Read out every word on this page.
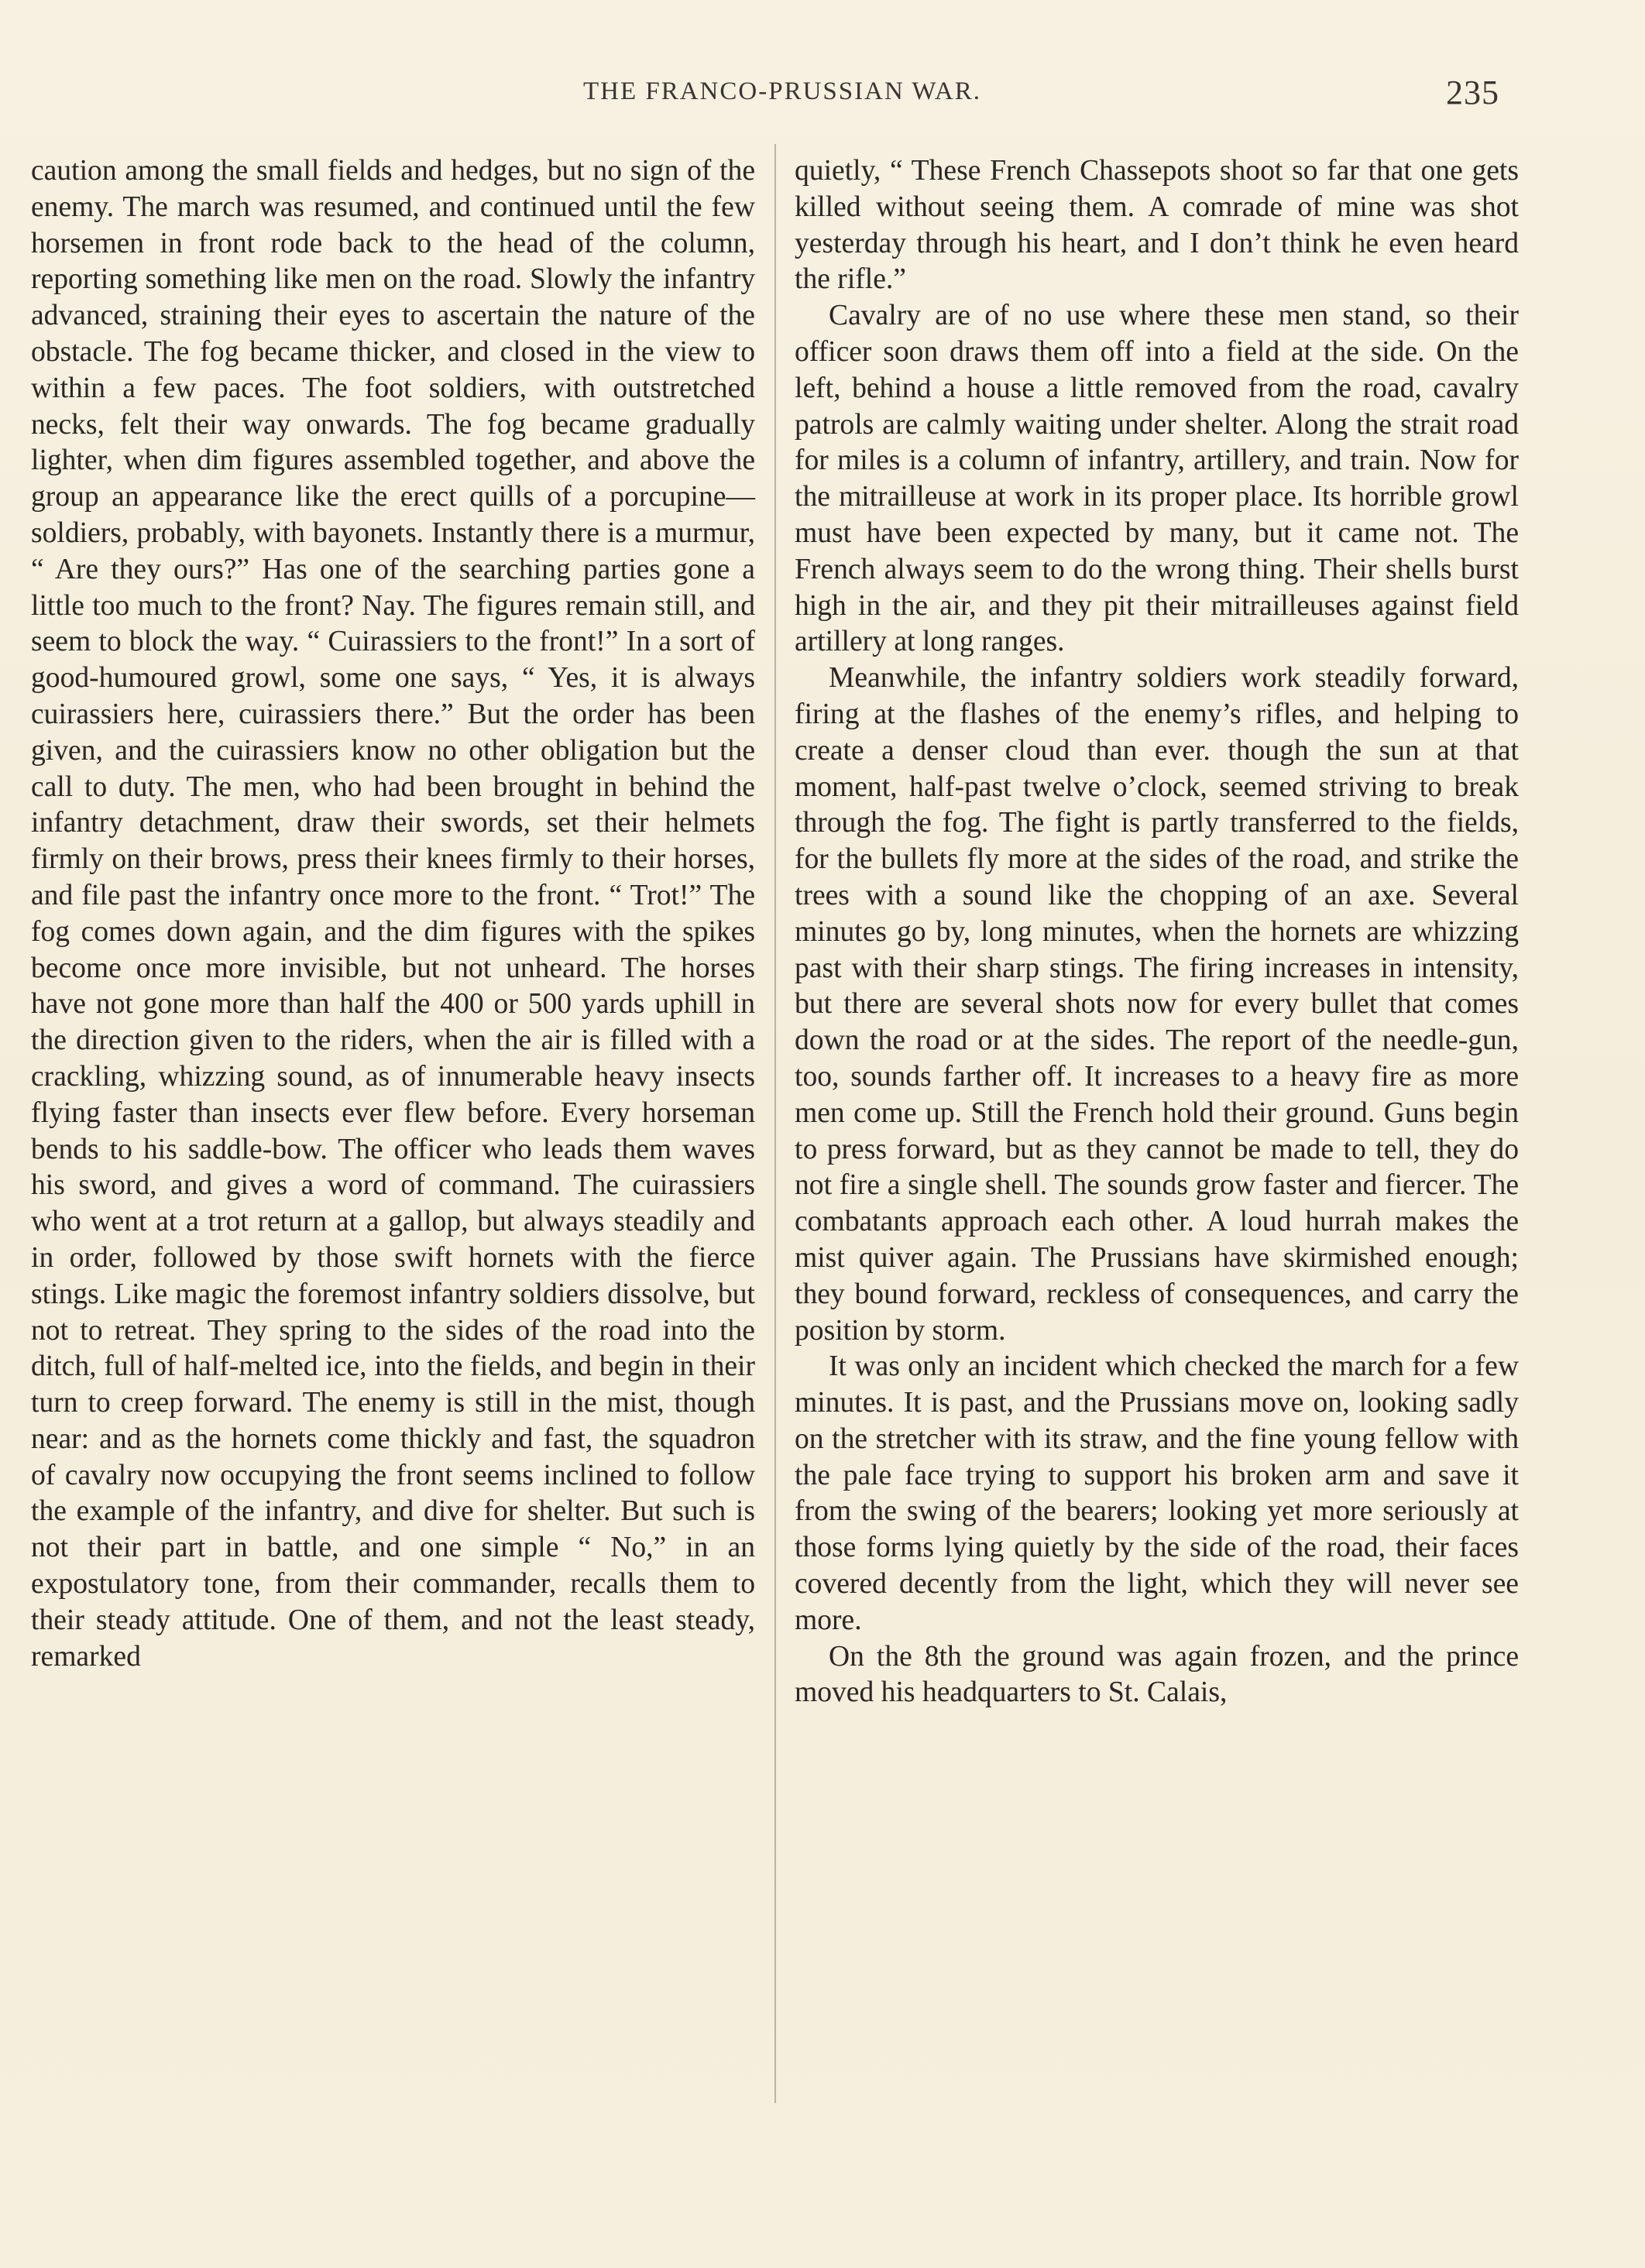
THE FRANCO-PRUSSIAN WAR.	235

caution among the small fields and hedges, but no sign of the enemy. The march was resumed, and continued until the few horsemen in front rode back to the head of the column, reporting something like men on the road. Slowly the infantry advanced, straining their eyes to ascertain the nature of the obstacle. The fog became thicker, and closed in the view to within a few paces. The foot soldiers, with outstretched necks, felt their way onwards. The fog became gradually lighter, when dim figures assembled together, and above the group an appearance like the erect quills of a porcupine—soldiers, probably, with bayonets. Instantly there is a murmur, “ Are they ours?” Has one of the searching parties gone a little too much to the front? Nay. The figures remain still, and seem to block the way. “ Cuirassiers to the front!” In a sort of good-humoured growl, some one says, “ Yes, it is always cuirassiers here, cuirassiers there.” But the order has been given, and the cuirassiers know no other obligation but the call to duty. The men, who had been brought in behind the infantry detachment, draw their swords, set their helmets firmly on their brows, press their knees firmly to their horses, and file past the infantry once more to the front. “ Trot!” The fog comes down again, and the dim figures with the spikes become once more invisible, but not unheard. The horses have not gone more than half the 400 or 500 yards uphill in the direction given to the riders, when the air is filled with a crackling, whizzing sound, as of innumerable heavy insects flying faster than insects ever flew before. Every horseman bends to his saddle-bow. The officer who leads them waves his sword, and gives a word of command. The cuirassiers who went at a trot return at a gallop, but always steadily and in order, followed by those swift hornets with the fierce stings. Like magic the foremost infantry soldiers dissolve, but not to retreat. They spring to the sides of the road into the ditch, full of half-melted ice, into the fields, and begin in their turn to creep forward. The enemy is still in the mist, though near: and as the hornets come thickly and fast, the squadron of cavalry now occupying the front seems inclined to follow the example of the infantry, and dive for shelter. But such is not their part in battle, and one simple “ No,” in an expostulatory tone, from their commander, recalls them to their steady attitude. One of them, and not the least steady, remarked

quietly, “ These French Chassepots shoot so far that one gets killed without seeing them. A comrade of mine was shot yesterday through his heart, and I don’t think he even heard the rifle.”

Cavalry are of no use where these men stand, so their officer soon draws them off into a field at the side. On the left, behind a house a little removed from the road, cavalry patrols are calmly waiting under shelter. Along the strait road for miles is a column of infantry, artillery, and train. Now for the mitrailleuse at work in its proper place. Its horrible growl must have been expected by many, but it came not. The French always seem to do the wrong thing. Their shells burst high in the air, and they pit their mitrailleuses against field artillery at long ranges.

Meanwhile, the infantry soldiers work steadily forward, firing at the flashes of the enemy’s rifles, and helping to create a denser cloud than ever. though the sun at that moment, half-past twelve o’clock, seemed striving to break through the fog. The fight is partly transferred to the fields, for the bullets fly more at the sides of the road, and strike the trees with a sound like the chopping of an axe. Several minutes go by, long minutes, when the hornets are whizzing past with their sharp stings. The firing increases in intensity, but there are several shots now for every bullet that comes down the road or at the sides. The report of the needle-gun, too, sounds farther off. It increases to a heavy fire as more men come up. Still the French hold their ground. Guns begin to press forward, but as they cannot be made to tell, they do not fire a single shell. The sounds grow faster and fiercer. The combatants approach each other. A loud hurrah makes the mist quiver again. The Prussians have skirmished enough; they bound forward, reckless of consequences, and carry the position by storm.

It was only an incident which checked the march for a few minutes. It is past, and the Prussians move on, looking sadly on the stretcher with its straw, and the fine young fellow with the pale face trying to support his broken arm and save it from the swing of the bearers; looking yet more seriously at those forms lying quietly by the side of the road, their faces covered decently from the light, which they will never see more.

On the 8th the ground was again frozen, and the prince moved his headquarters to St. Calais,
